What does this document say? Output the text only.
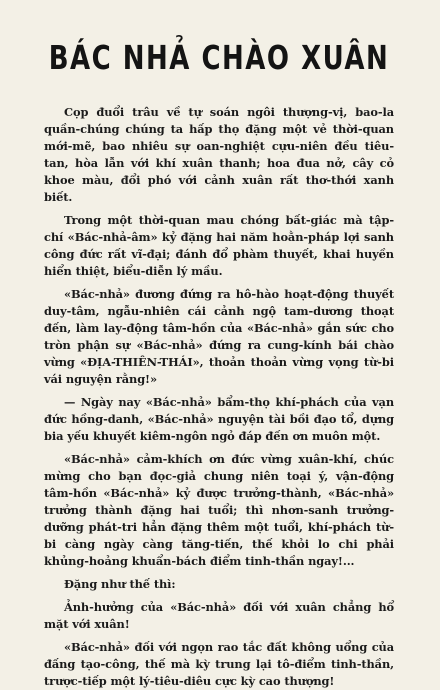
BÁC NHẢ CHÀO XUÂN

Cọp đuổi trâu về tự soán ngôi thượng-vị, bao-la quần-chúng chúng ta hấp thọ đặng một vẻ thời-quan mới-mẽ, bao nhiêu sự oan-nghiệt cựu-niên đều tiêu-tan, hòa lẫn với khí xuân thanh; hoa đua nở, cây cỏ khoe màu, đổi phó với cảnh xuân rất thơ-thới xanh biết.

Trong một thời-quan mau chóng bất-giác mà tập-chí «Bác-nhả-âm» kỷ đặng hai năm hoằn-pháp lợi sanh công đức rất vĩ-đại; đánh đổ phàm thuyết, khai huyền hiển thiệt, biểu-diễn lý mầu.

«Bác-nhả» đương đứng ra hô-hào hoạt-động thuyết duy-tâm, ngẫu-nhiên cái cảnh ngộ tam-dương thoạt đến, làm lay-động tâm-hồn của «Bác-nhả» gắn sức cho tròn phận sự «Bác-nhả» đứng ra cung-kính bái chào vừng «ĐỊA-THIÊN-THÁI», thoản thoản vừng vọng từ-bi vái nguyện rằng!»

— Ngày nay «Bác-nhả» bẩm-thọ khí-phách của vạn đức hồng-danh, «Bác-nhả» nguyện tài bồi đạo tổ, dựng bia yếu khuyết kiêm-ngôn ngỏ đáp đến ơn muôn một.

«Bác-nhả» cảm-khích ơn đức vừng xuân-khí, chúc mừng cho bạn đọc-giả chung niên toại ý, vận-động tâm-hồn «Bác-nhả» kỷ được trưởng-thành, «Bác-nhả» trưởng thành đặng hai tuổi; thì nhơn-sanh trưởng-dưỡng phát-tri hẳn đặng thêm một tuổi, khí-phách từ-bi càng ngày càng tăng-tiến, thế khỏi lo chi phải khủng-hoảng khuẩn-bách điểm tinh-thần ngay!...

Đặng như thế thì:

Ảnh-hưởng của «Bác-nhả» đối với xuân chẳng hổ mặt với xuân!

«Bác-nhả» đối với ngọn rao tắc đất không uổng của đấng tạo-công, thế mà kỳ trung lại tô-điểm tinh-thần, trược-tiếp một lý-tiêu-diêu cực kỳ cao thượng!
